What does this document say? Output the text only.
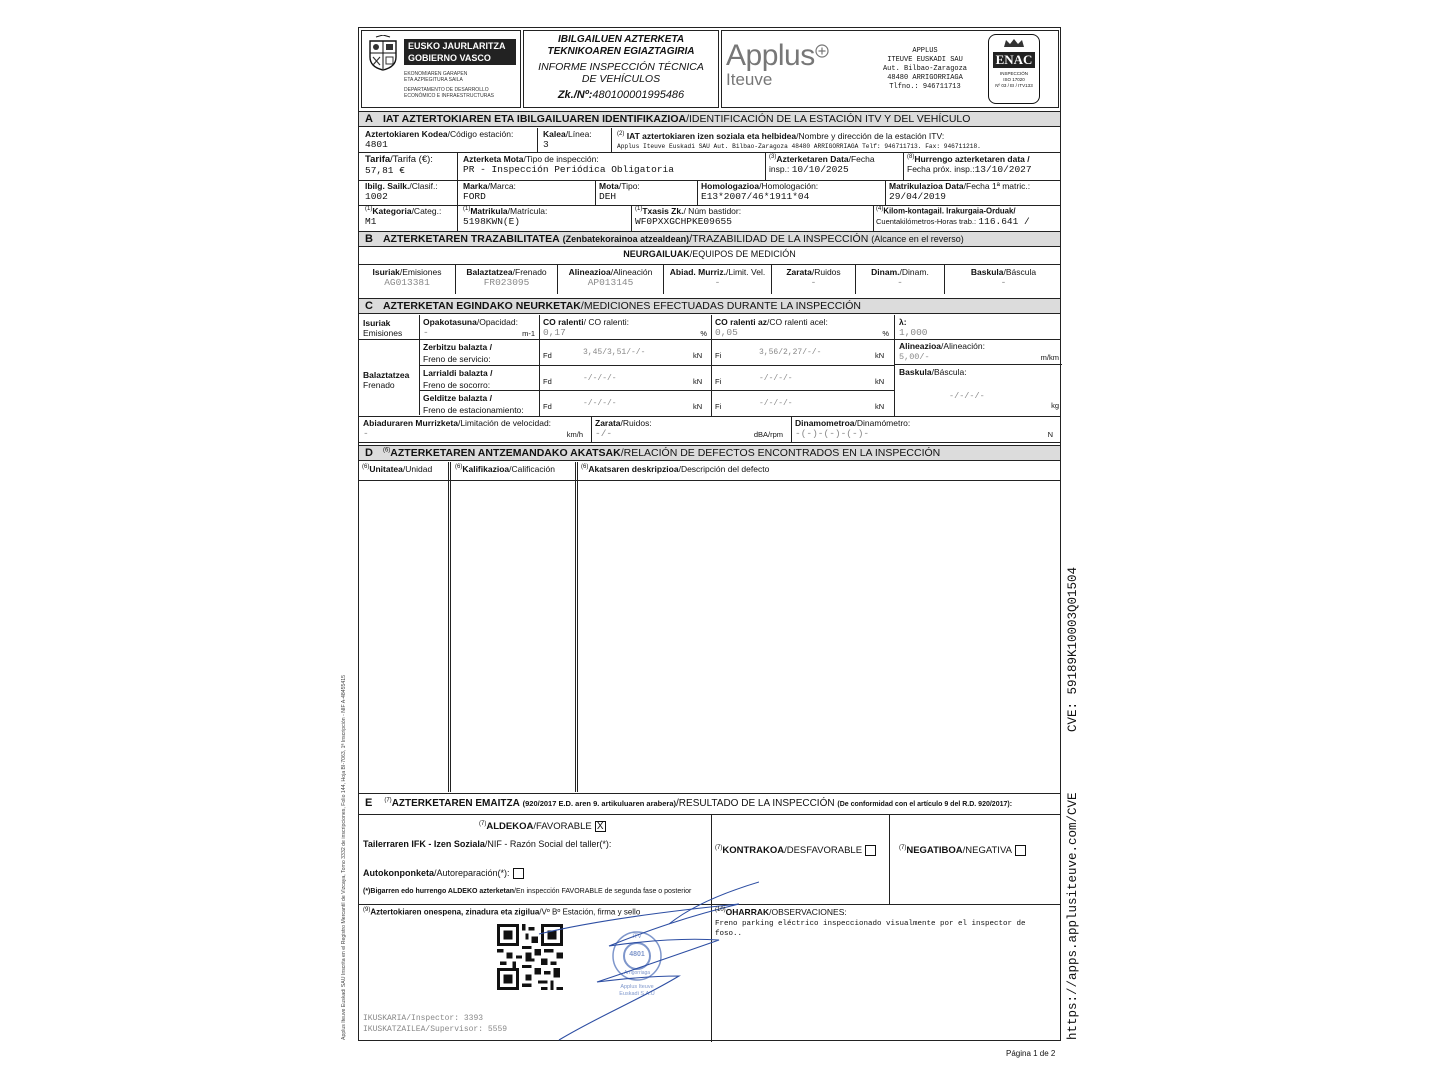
EUSKO JAURLARITZA
GOBIERNO VASCO
EKONOMIAREN GARAPEN
ETA AZPIEGITURA SAILA
DEPARTAMENTO DE DESARROLLO
ECONÓMICO E INFRAESTRUCTURAS
IBILGAILUEN AZTERKETA
TEKNIKOAREN EGIAZTAGIRIA
INFORME INSPECCIÓN TÉCNICA
DE VEHÍCULOS
Zk./Nº:480100001995486
Applus
Iteuve
APPLUS
ITEUVE EUSKADI SAU
Aut. Bilbao-Zaragoza
48480 ARRIGORRIAGA
Tlfno.: 946711713
ENAC
INSPECCIÓN
ISO 17020
Nº 03 / EI / ITV133
A IAT AZTERTOKIAREN ETA IBILGAILUAREN IDENTIFIKAZIOA/IDENTIFICACIÓN DE LA ESTACIÓN ITV Y DEL VEHÍCULO
Aztertokiaren Kodea/Código estación:
4801
Kalea/Línea:
3
$^{(2)}$ IAT aztertokiaren izen soziala eta helbidea/Nombre y dirección de la estación ITV:
Applus Iteuve Euskadi SAU Aut. Bilbao-Zaragoza 48480 ARRIGORRIAGA Telf: 946711713. Fax: 946711218.
Tarifa/Tarifa (€):
57,81 €
Azterketa Mota/Tipo de inspección:
PR - Inspección Periódica Obligatoria
$^{(3)}$Azterketaren Data/Fecha
insp.: 10/10/2025
$^{(8)}$Hurrengo azterketaren data /
Fecha próx. insp.:13/10/2027
Ibilg. Sailk./Clasif.:
1002
Marka/Marca:
FORD
Mota/Tipo:
DEH
Homologazioa/Homologación:
E13*2007/46*1911*04
Matrikulazioa Data/Fecha 1ª matric.:
29/04/2019
$^{(1)}$Kategoria/Categ.:
M1
$^{(1)}$Matrikula/Matrícula:
5198KWN(E)
$^{(1)}$Txasis Zk./ Núm bastidor:
WF0PXXGCHPKE09655
$^{(4)}$Kilom-kontagail. Irakurgaia-Orduak/
Cuentakilómetros-Horas trab.: 116.641 /
B AZTERKETAREN TRAZABILITATEA (Zenbatekorainoa atzealdean)/TRAZABILIDAD DE LA INSPECCIÓN (Alcance en el reverso)
NEURGAILUAK/EQUIPOS DE MEDICIÓN
Isuriak/Emisiones
AG013381
Balaztatzea/Frenado
FR023095
Alineazioa/Alineación
AP013145
Abiad. Murriz./Limit. Vel.
-
Zarata/Ruidos
-
Dinam./Dinam.
-
Baskula/Báscula
-
C AZTERKETAN EGINDAKO NEURKETAK/MEDICIONES EFECTUADAS DURANTE LA INSPECCIÓN
Isuriak
Emisiones
Opakotasuna/Opacidad:
-	m-1
CO ralenti/ CO ralenti:
0,17	%
CO ralenti az/CO ralenti acel:
0,05	%
λ:
1,000
Balaztatzea
Frenado
Zerbitzu balazta /
Freno de servicio:	Fd	3,45/3,51/-/-	kN Fi	3,56/2,27/-/-	kN
Larrialdi balazta /
Freno de socorro:	Fd	-/-/-/-	kN Fi	-/-/-/-	kN
Gelditze balazta /
Freno de estacionamiento:	Fd	-/-/-/-	kN Fi	-/-/-/-	kN
Alineazioa/Alineación:
5,00/-	m/km
Baskula/Báscula:
-/-/-/-
kg
Abiaduraren Murrizketa/Limitación de velocidad:
-	km/h
Zarata/Ruidos:
-/-	dBA/rpm
Dinamometroa/Dinamómetro:
-(-)-(-)-(-)-	N
D $^{(6)}$AZTERKETAREN ANTZEMANDAKO AKATSAK/RELACIÓN DE DEFECTOS ENCONTRADOS EN LA INSPECCIÓN
$^{(6)}$Unitatea/Unidad	$^{(6)}$Kalifikazioa/Calificación	$^{(6)}$Akatsaren deskripzioa/Descripción del defecto
E $^{(7)}$AZTERKETAREN EMAITZA (920/2017 E.D. aren 9. artikuluaren arabera)/RESULTADO DE LA INSPECCIÓN (De conformidad con el artículo 9 del R.D. 920/2017):
$^{(7)}$ALDEKOA/FAVORABLE X
Tailerraren IFK - Izen Soziala/NIF - Razón Social del taller(*):
Autokonponketa/Autoreparación(*):
(*)Bigarren edo hurrengo ALDEKO azterketan/En inspección FAVORABLE de segunda fase o posterior
$^{(7)}$KONTRAKOA/DESFAVORABLE	$^{(7)}$NEGATIBOA/NEGATIVA
$^{(9)}$Aztertokiaren onespena, zinadura eta zigilua/Vº Bº Estación, firma y sello
ITV
4801
Arrigorriaga
Applus Iteuve
Euskadi S.A.U
IKUSKARIA/Inspector: 3393
IKUSKATZAILEA/Supervisor: 5559
$^{(10)}$OHARRAK/OBSERVACIONES:
Freno parking eléctrico inspeccionado visualmente por el inspector de
foso..
Página 1 de 2
CVE: 59189K10003Q01504
https://apps.applusiteuve.com/CVE
Applus Iteuve Euskadi SAU Inscrita en el Registro Mercantil de Vizcaya, Tomo 3332 de inscripciones, Folio 144, Hoja BI-7063, 1ª Inscripción - NIF A-48455415
